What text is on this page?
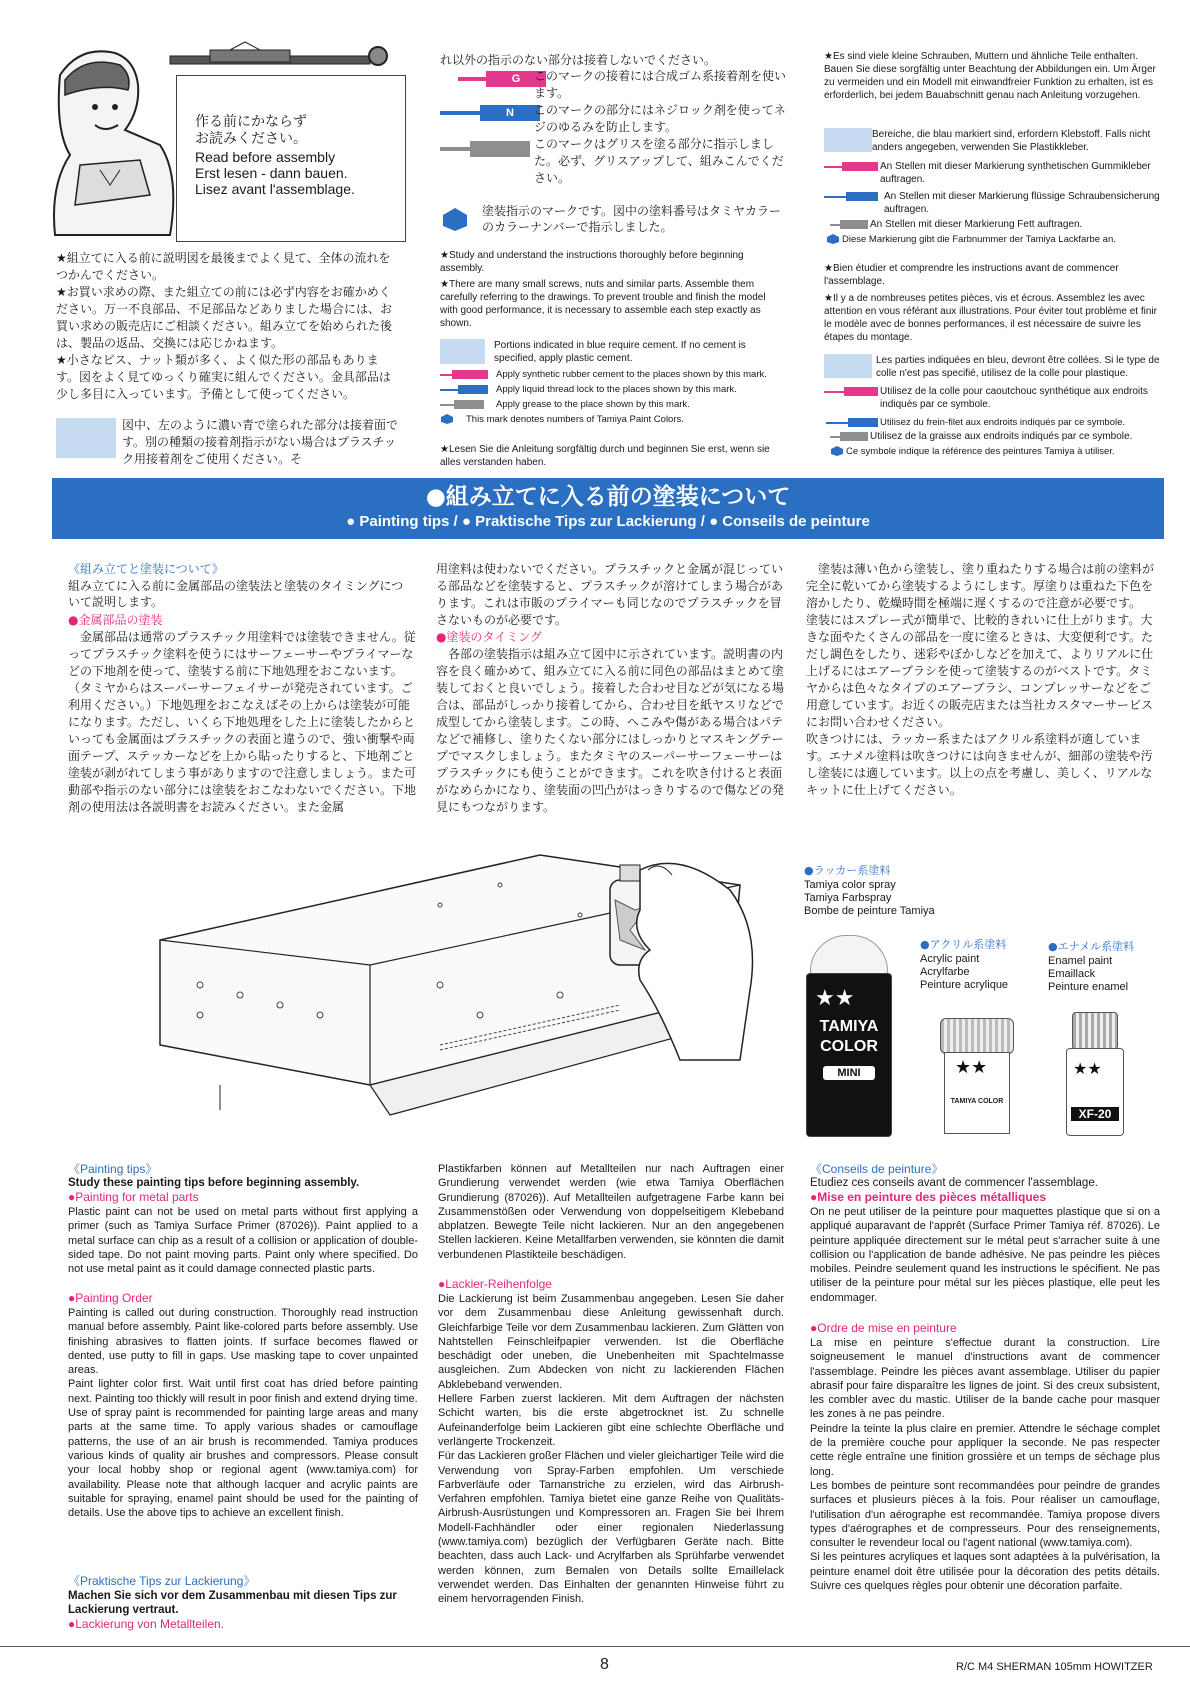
作る前にかならず
お読みください。
Read before assembly
Erst lesen - dann bauen.
Lisez avant l'assemblage.
★組立てに入る前に説明図を最後までよく見て、全体の流れをつかんでください。
★お買い求めの際、また組立ての前には必ず内容をお確かめください。万一不良部品、不足部品などありました場合には、お買い求めの販売店にご相談ください。組み立てを始められた後は、製品の返品、交換には応じかねます。
★小さなビス、ナット類が多く、よく似た形の部品もあります。図をよく見てゆっくり確実に組んでください。金具部品は少し多目に入っています。予備として使ってください。
図中、左のように濃い青で塗られた部分は接着面です。別の種類の接着剤指示がない場合はプラスチック用接着剤をご使用ください。そ
れ以外の指示のない部分は接着しないでください。
G	このマークの接着には合成ゴム系接着剤を使います。
N	このマークの部分にはネジロック剤を使ってネジのゆるみを防止します。
このマークはグリスを塗る部分に指示しました。必ず、グリスアップして、組みこんでください。
塗装指示のマークです。図中の塗料番号はタミヤカラーのカラーナンバーで指示しました。
★Study and understand the instructions thoroughly before beginning assembly.
★There are many small screws, nuts and similar parts. Assemble them carefully referring to the drawings. To prevent trouble and finish the model with good performance, it is necessary to assemble each step exactly as shown.
Portions indicated in blue require cement. If no cement is specified, apply plastic cement.
Apply synthetic rubber cement to the places shown by this mark.
Apply liquid thread lock to the places shown by this mark.
Apply grease to the place shown by this mark.
This mark denotes numbers of Tamiya Paint Colors.
★Lesen Sie die Anleitung sorgfältig durch und beginnen Sie erst, wenn sie alles verstanden haben.
★Es sind viele kleine Schrauben, Muttern und ähnliche Teile enthalten. Bauen Sie diese sorgfältig unter Beachtung der Abbildungen ein. Um Ärger zu vermeiden und ein Modell mit einwandfreier Funktion zu erhalten, ist es erforderlich, bei jedem Bauabschnitt genau nach Anleitung vorzugehen.
Bereiche, die blau markiert sind, erfordern Klebstoff. Falls nicht anders angegeben, verwenden Sie Plastikkleber.
An Stellen mit dieser Markierung synthetischen Gummikleber auftragen.
An Stellen mit dieser Markierung flüssige Schraubensicherung auftragen.
An Stellen mit dieser Markierung Fett auftragen.
Diese Markierung gibt die Farbnummer der Tamiya Lackfarbe an.
★Bien étudier et comprendre les instructions avant de commencer l'assemblage.
★Il y a de nombreuses petites pièces, vis et écrous. Assemblez les avec attention en vous référant aux illustrations. Pour éviter tout problème et finir le modèle avec de bonnes performances, il est nécessaire de suivre les étapes du montage.
Les parties indiquées en bleu, devront être collées. Si le type de colle n'est pas specifié, utilisez de la colle pour plastique.
Utilisez de la colle pour caoutchouc synthétique aux endroits indiqués par ce symbole.
Utilisez du frein-filet aux endroits indiqués par ce symbole.
Utilisez de la graisse aux endroits indiqués par ce symbole.
Ce symbole indique la référence des peintures Tamiya à utiliser.
●組み立てに入る前の塗装について
● Painting tips / ● Praktische Tips zur Lackierung / ● Conseils de peinture
《組み立てと塗装について》
組み立てに入る前に金属部品の塗装法と塗装のタイミングについて説明します。
●金属部品の塗装
金属部品は通常のプラスチック用塗料では塗装できません。従ってプラスチック塗料を使うにはサーフェーサーやプライマーなどの下地剤を使って、塗装する前に下地処理をおこないます。（タミヤからはスーパーサーフェイサーが発売されています。ご利用ください。）下地処理をおこなえばその上からは塗装が可能になります。ただし、いくら下地処理をした上に塗装したからといっても金属面はプラスチックの表面と違うので、強い衝撃や両面テープ、ステッカーなどを上から貼ったりすると、下地剤ごと塗装が剥がれてしまう事がありますので注意しましょう。また可動部や指示のない部分には塗装をおこなわないでください。下地剤の使用法は各説明書をお読みください。また金属
用塗料は使わないでください。プラスチックと金属が混じっている部品などを塗装すると、プラスチックが溶けてしまう場合があります。これは市販のプライマーも同じなのでプラスチックを冒さないものが必要です。
●塗装のタイミング
各部の塗装指示は組み立て図中に示されています。説明書の内容を良く確かめて、組み立てに入る前に同色の部品はまとめて塗装しておくと良いでしょう。接着した合わせ目などが気になる場合は、部品がしっかり接着してから、合わせ目を紙ヤスリなどで成型してから塗装します。この時、へこみや傷がある場合はパテなどで補修し、塗りたくない部分にはしっかりとマスキングテープでマスクしましょう。またタミヤのスーパーサーフェーサーはプラスチックにも使うことができます。これを吹き付けると表面がなめらかになり、塗装面の凹凸がはっきりするので傷などの発見にもつながります。
塗装は薄い色から塗装し、塗り重ねたりする場合は前の塗料が完全に乾いてから塗装するようにします。厚塗りは重ねた下色を溶かしたり、乾燥時間を極端に遅くするので注意が必要です。
塗装にはスプレー式が簡単で、比較的きれいに仕上がります。大きな面やたくさんの部品を一度に塗るときは、大変便利です。ただし調色をしたり、迷彩やぼかしなどを加えて、よりリアルに仕上げるにはエアーブラシを使って塗装するのがベストです。タミヤからは色々なタイプのエアーブラシ、コンプレッサーなどをご用意しています。お近くの販売店または当社カスタマーサービスにお問い合わせください。
吹きつけには、ラッカー系またはアクリル系塗料が適しています。エナメル塗料は吹きつけには向きませんが、細部の塗装や汚し塗装には適しています。以上の点を考慮し、美しく、リアルなキットに仕上げてください。
●ラッカー系塗料
Tamiya color spray
Tamiya Farbspray
Bombe de peinture Tamiya
●アクリル系塗料
Acrylic paint
Acrylfarbe
Peinture acrylique
●エナメル系塗料
Enamel paint
Emaillack
Peinture enamel
★★
TAMIYA
COLOR
MINI	★★
TAMIYA COLOR
★★
XF-20
《Painting tips》
Study these painting tips before beginning assembly.
●Painting for metal parts
Plastic paint can not be used on metal parts without first applying a primer (such as Tamiya Surface Primer (87026)). Paint applied to a metal surface can chip as a result of a collision or application of double-sided tape. Do not paint moving parts. Paint only where specified. Do not use metal paint as it could damage connected plastic parts.
●Painting Order
Painting is called out during construction. Thoroughly read instruction manual before assembly. Paint like-colored parts before assembly. Use finishing abrasives to flatten joints. If surface becomes flawed or dented, use putty to fill in gaps. Use masking tape to cover unpainted areas.
Paint lighter color first. Wait until first coat has dried before painting next. Painting too thickly will result in poor finish and extend drying time.
Use of spray paint is recommended for painting large areas and many parts at the same time. To apply various shades or camouflage patterns, the use of an air brush is recommended. Tamiya produces various kinds of quality air brushes and compressors. Please consult your local hobby shop or regional agent (www.tamiya.com) for availability. Please note that although lacquer and acrylic paints are suitable for spraying, enamel paint should be used for the painting of details. Use the above tips to achieve an excellent finish.
《Praktische Tips zur Lackierung》
Machen Sie sich vor dem Zusammenbau mit diesen Tips zur Lackierung vertraut.
●Lackierung von Metallteilen.
Plastikfarben können auf Metallteilen nur nach Auftragen einer Grundierung verwendet werden (wie etwa Tamiya Oberflächen Grundierung (87026)). Auf Metallteilen aufgetragene Farbe kann bei Zusammenstößen oder Verwendung von doppelseitigem Klebeband abplatzen. Bewegte Teile nicht lackieren. Nur an den angegebenen Stellen lackieren. Keine Metallfarben verwenden, sie könnten die damit verbundenen Plastikteile beschädigen.
●Lackier-Reihenfolge
Die Lackierung ist beim Zusammenbau angegeben. Lesen Sie daher vor dem Zusammenbau diese Anleitung gewissenhaft durch. Gleichfarbige Teile vor dem Zusammenbau lackieren. Zum Glätten von Nahtstellen Feinschleifpapier verwenden. Ist die Oberfläche beschädigt oder uneben, die Unebenheiten mit Spachtelmasse ausgleichen. Zum Abdecken von nicht zu lackierenden Flächen Abklebeband verwenden.
Hellere Farben zuerst lackieren. Mit dem Auftragen der nächsten Schicht warten, bis die erste abgetrocknet ist. Zu schnelle Aufeinanderfolge beim Lackieren gibt eine schlechte Oberfläche und verlängerte Trockenzeit.
Für das Lackieren großer Flächen und vieler gleichartiger Teile wird die Verwendung von Spray-Farben empfohlen. Um verschiede Farbverläufe oder Tarnanstriche zu erzielen, wird das Airbrush-Verfahren empfohlen. Tamiya bietet eine ganze Reihe von Qualitäts-Airbrush-Ausrüstungen und Kompressoren an. Fragen Sie bei Ihrem Modell-Fachhändler oder einer regionalen Niederlassung (www.tamiya.com) bezüglich der Verfügbaren Geräte nach. Bitte beachten, dass auch Lack- und Acrylfarben als Sprühfarbe verwendet werden können, zum Bemalen von Details sollte Emaillelack verwendet werden. Das Einhalten der genannten Hinweise führt zu einem hervorragenden Finish.
《Conseils de peinture》
Etudiez ces conseils avant de commencer l'assemblage.
●Mise en peinture des pièces métalliques
On ne peut utiliser de la peinture pour maquettes plastique que si on a appliqué auparavant de l'apprêt (Surface Primer Tamiya réf. 87026). Le peinture appliquée directement sur le métal peut s'arracher suite à une collision ou l'application de bande adhésive. Ne pas peindre les pièces mobiles. Peindre seulement quand les instructions le spécifient. Ne pas utiliser de la peinture pour métal sur les pièces plastique, elle peut les endommager.
●Ordre de mise en peinture
La mise en peinture s'effectue durant la construction. Lire soigneusement le manuel d'instructions avant de commencer l'assemblage. Peindre les pièces avant assemblage. Utiliser du papier abrasif pour faire disparaître les lignes de joint. Si des creux subsistent, les combler avec du mastic. Utiliser de la bande cache pour masquer les zones à ne pas peindre.
Peindre la teinte la plus claire en premier. Attendre le séchage complet de la première couche pour appliquer la seconde. Ne pas respecter cette règle entraîne une finition grossière et un temps de séchage plus long.
Les bombes de peinture sont recommandées pour peindre de grandes surfaces et plusieurs pièces à la fois. Pour réaliser un camouflage, l'utilisation d'un aérographe est recommandée. Tamiya propose divers types d'aérographes et de compresseurs. Pour des renseignements, consulter le revendeur local ou l'agent national (www.tamiya.com).
Si les peintures acryliques et laques sont adaptées à la pulvérisation, la peinture enamel doit être utilisée pour la décoration des petits détails. Suivre ces quelques règles pour obtenir une décoration parfaite.
8	R/C M4 SHERMAN 105mm HOWITZER
